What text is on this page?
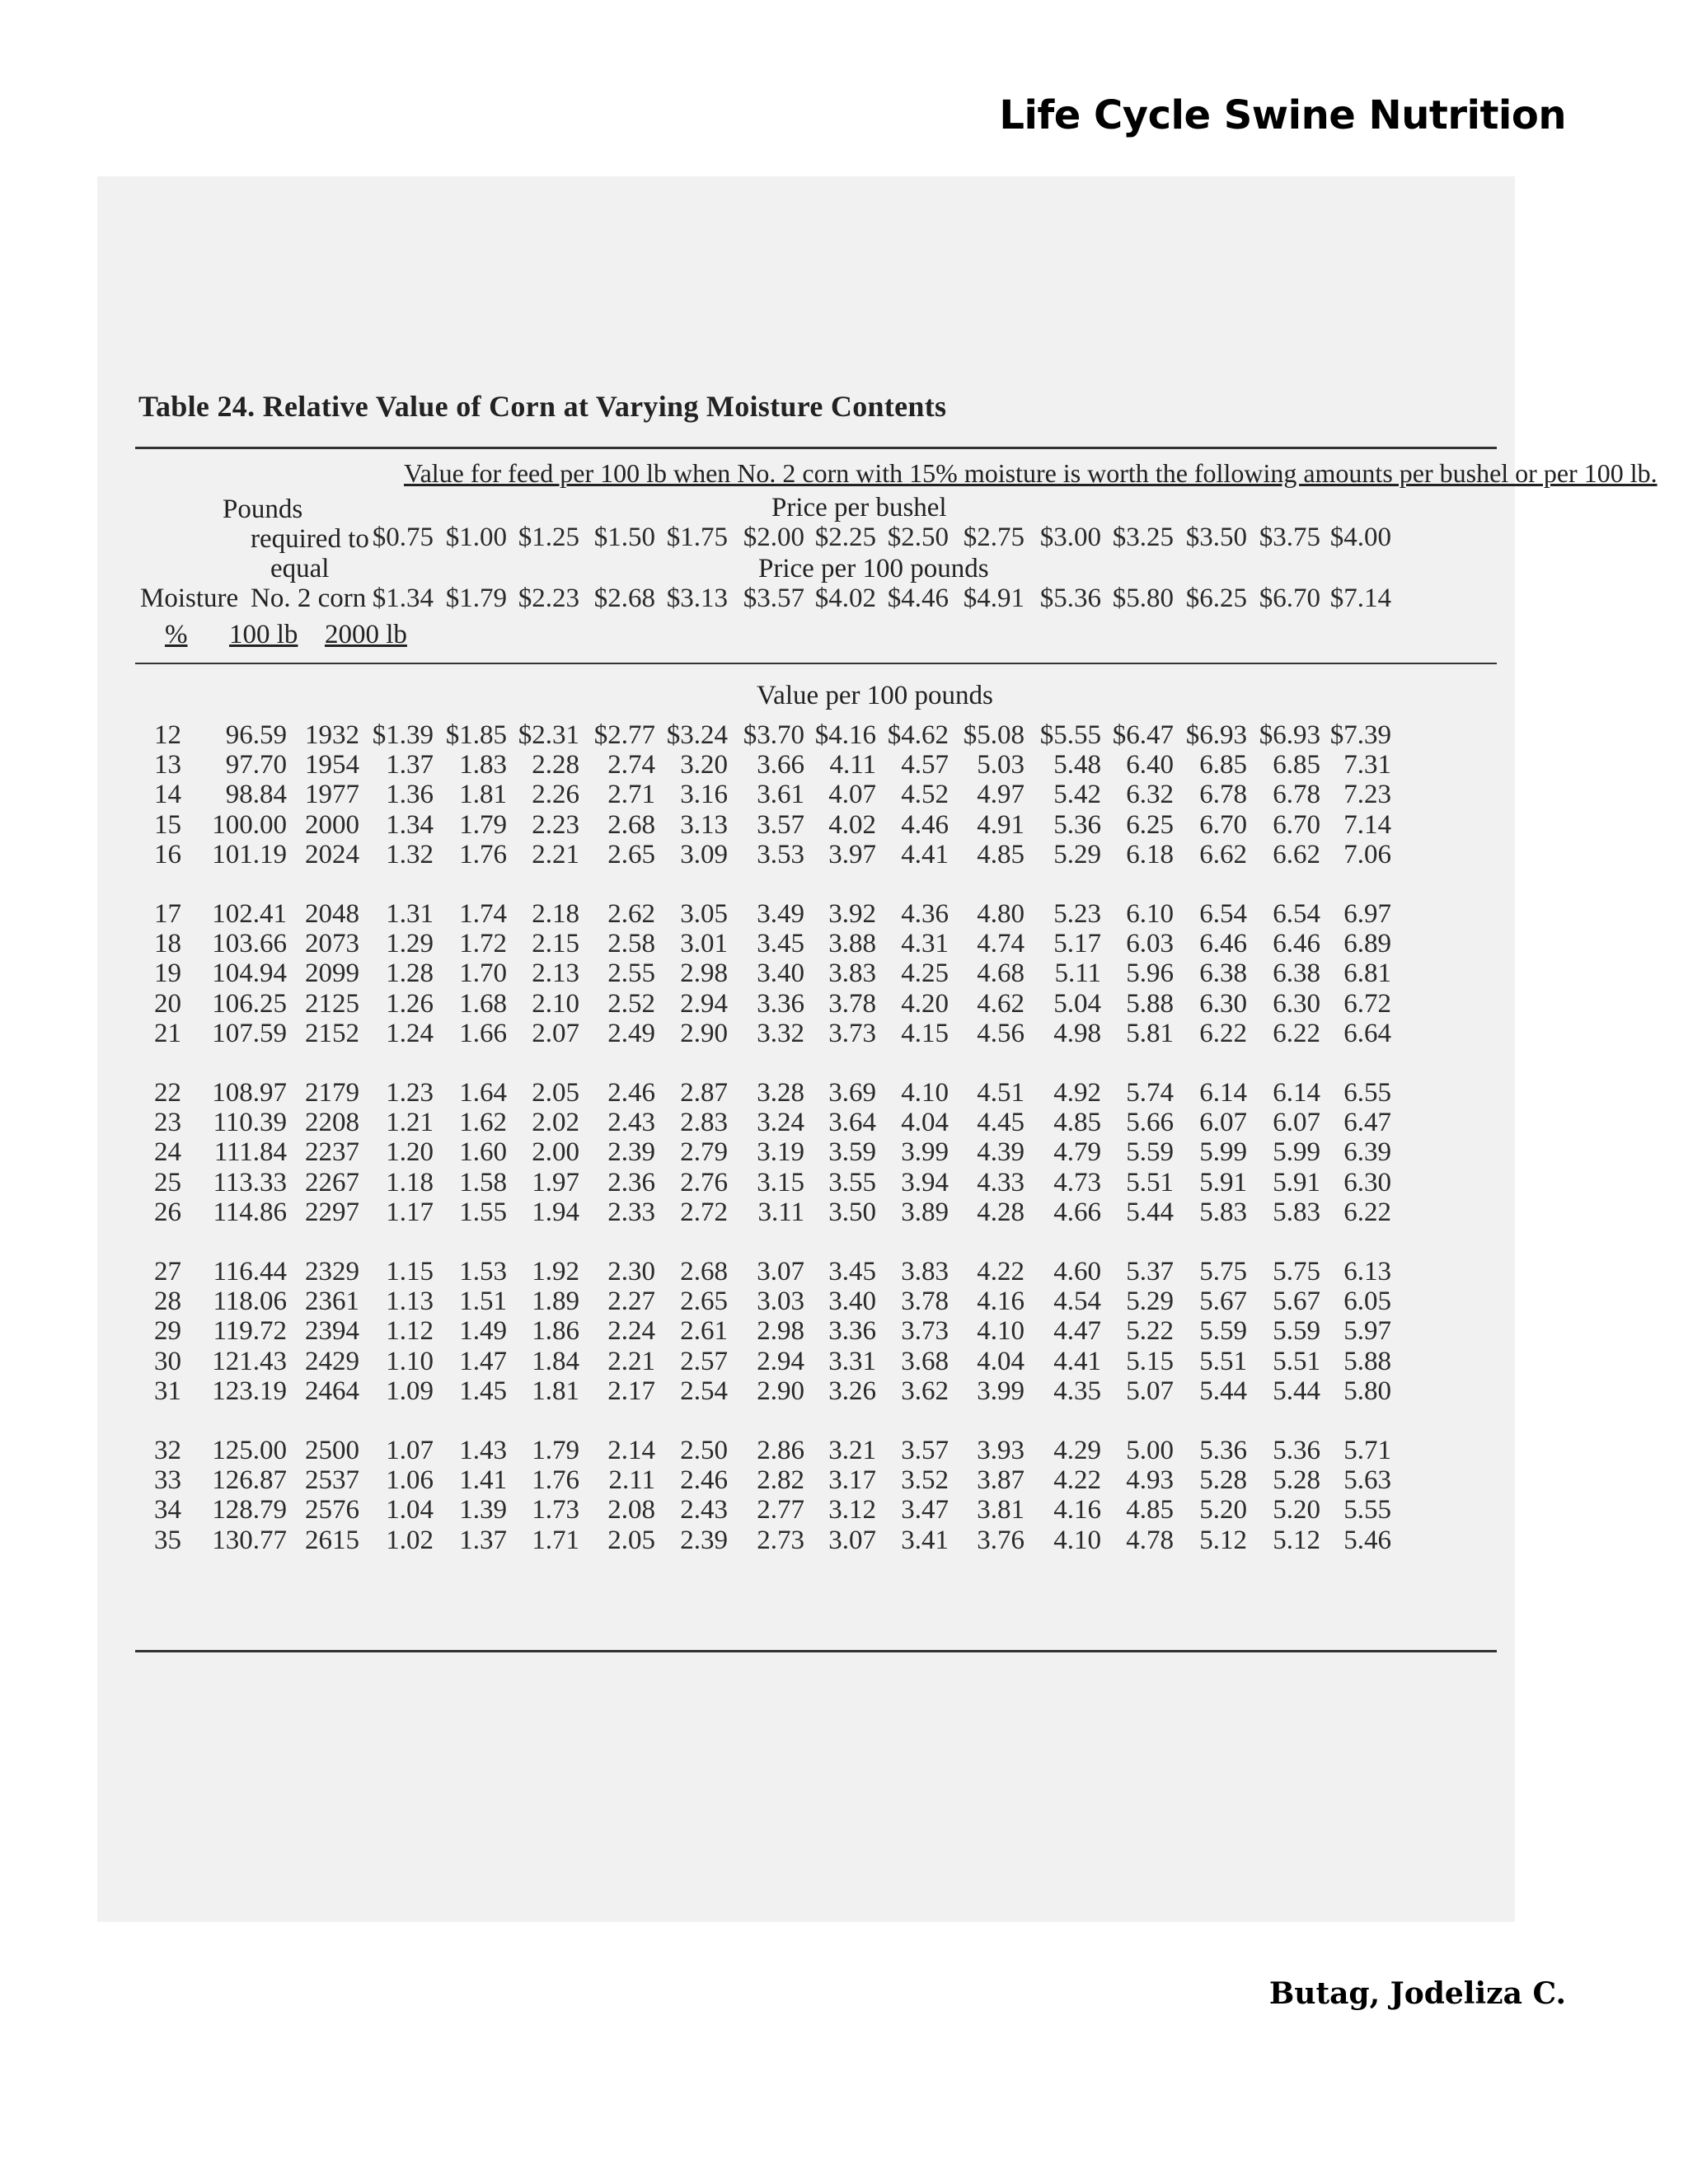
Life Cycle Swine Nutrition
Table 24. Relative Value of Corn at Varying Moisture Contents
Value for feed per 100 lb when No. 2 corn with 15% moisture is worth the following amounts per bushel or per 100 lb.
Pounds
required to
equal
No. 2 corn
Moisture
Price per bushel
Price per 100 pounds
$0.75 $1.00 $1.25 $1.50 $1.75 $2.00 $2.25 $2.50 $2.75 $3.00 $3.25 $3.50 $3.75 $4.00
$1.34 $1.79 $2.23 $2.68 $3.13 $3.57 $4.02 $4.46 $4.91 $5.36 $5.80 $6.25 $6.70 $7.14
% 100 lb 2000 lb
Value per 100 pounds
12 96.59 1932 $1.39 $1.85 $2.31 $2.77 $3.24 $3.70 $4.16 $4.62 $5.08 $5.55 $6.47 $6.93 $6.93 $7.39
13 97.70 1954 1.37 1.83 2.28 2.74 3.20 3.66 4.11 4.57 5.03 5.48 6.40 6.85 6.85 7.31
14 98.84 1977 1.36 1.81 2.26 2.71 3.16 3.61 4.07 4.52 4.97 5.42 6.32 6.78 6.78 7.23
15 100.00 2000 1.34 1.79 2.23 2.68 3.13 3.57 4.02 4.46 4.91 5.36 6.25 6.70 6.70 7.14
16 101.19 2024 1.32 1.76 2.21 2.65 3.09 3.53 3.97 4.41 4.85 5.29 6.18 6.62 6.62 7.06
17 102.41 2048 1.31 1.74 2.18 2.62 3.05 3.49 3.92 4.36 4.80 5.23 6.10 6.54 6.54 6.97
18 103.66 2073 1.29 1.72 2.15 2.58 3.01 3.45 3.88 4.31 4.74 5.17 6.03 6.46 6.46 6.89
19 104.94 2099 1.28 1.70 2.13 2.55 2.98 3.40 3.83 4.25 4.68 5.11 5.96 6.38 6.38 6.81
20 106.25 2125 1.26 1.68 2.10 2.52 2.94 3.36 3.78 4.20 4.62 5.04 5.88 6.30 6.30 6.72
21 107.59 2152 1.24 1.66 2.07 2.49 2.90 3.32 3.73 4.15 4.56 4.98 5.81 6.22 6.22 6.64
22 108.97 2179 1.23 1.64 2.05 2.46 2.87 3.28 3.69 4.10 4.51 4.92 5.74 6.14 6.14 6.55
23 110.39 2208 1.21 1.62 2.02 2.43 2.83 3.24 3.64 4.04 4.45 4.85 5.66 6.07 6.07 6.47
24 111.84 2237 1.20 1.60 2.00 2.39 2.79 3.19 3.59 3.99 4.39 4.79 5.59 5.99 5.99 6.39
25 113.33 2267 1.18 1.58 1.97 2.36 2.76 3.15 3.55 3.94 4.33 4.73 5.51 5.91 5.91 6.30
26 114.86 2297 1.17 1.55 1.94 2.33 2.72 3.11 3.50 3.89 4.28 4.66 5.44 5.83 5.83 6.22
27 116.44 2329 1.15 1.53 1.92 2.30 2.68 3.07 3.45 3.83 4.22 4.60 5.37 5.75 5.75 6.13
28 118.06 2361 1.13 1.51 1.89 2.27 2.65 3.03 3.40 3.78 4.16 4.54 5.29 5.67 5.67 6.05
29 119.72 2394 1.12 1.49 1.86 2.24 2.61 2.98 3.36 3.73 4.10 4.47 5.22 5.59 5.59 5.97
30 121.43 2429 1.10 1.47 1.84 2.21 2.57 2.94 3.31 3.68 4.04 4.41 5.15 5.51 5.51 5.88
31 123.19 2464 1.09 1.45 1.81 2.17 2.54 2.90 3.26 3.62 3.99 4.35 5.07 5.44 5.44 5.80
32 125.00 2500 1.07 1.43 1.79 2.14 2.50 2.86 3.21 3.57 3.93 4.29 5.00 5.36 5.36 5.71
33 126.87 2537 1.06 1.41 1.76 2.11 2.46 2.82 3.17 3.52 3.87 4.22 4.93 5.28 5.28 5.63
34 128.79 2576 1.04 1.39 1.73 2.08 2.43 2.77 3.12 3.47 3.81 4.16 4.85 5.20 5.20 5.55
35 130.77 2615 1.02 1.37 1.71 2.05 2.39 2.73 3.07 3.41 3.76 4.10 4.78 5.12 5.12 5.46
Butag, Jodeliza C.
